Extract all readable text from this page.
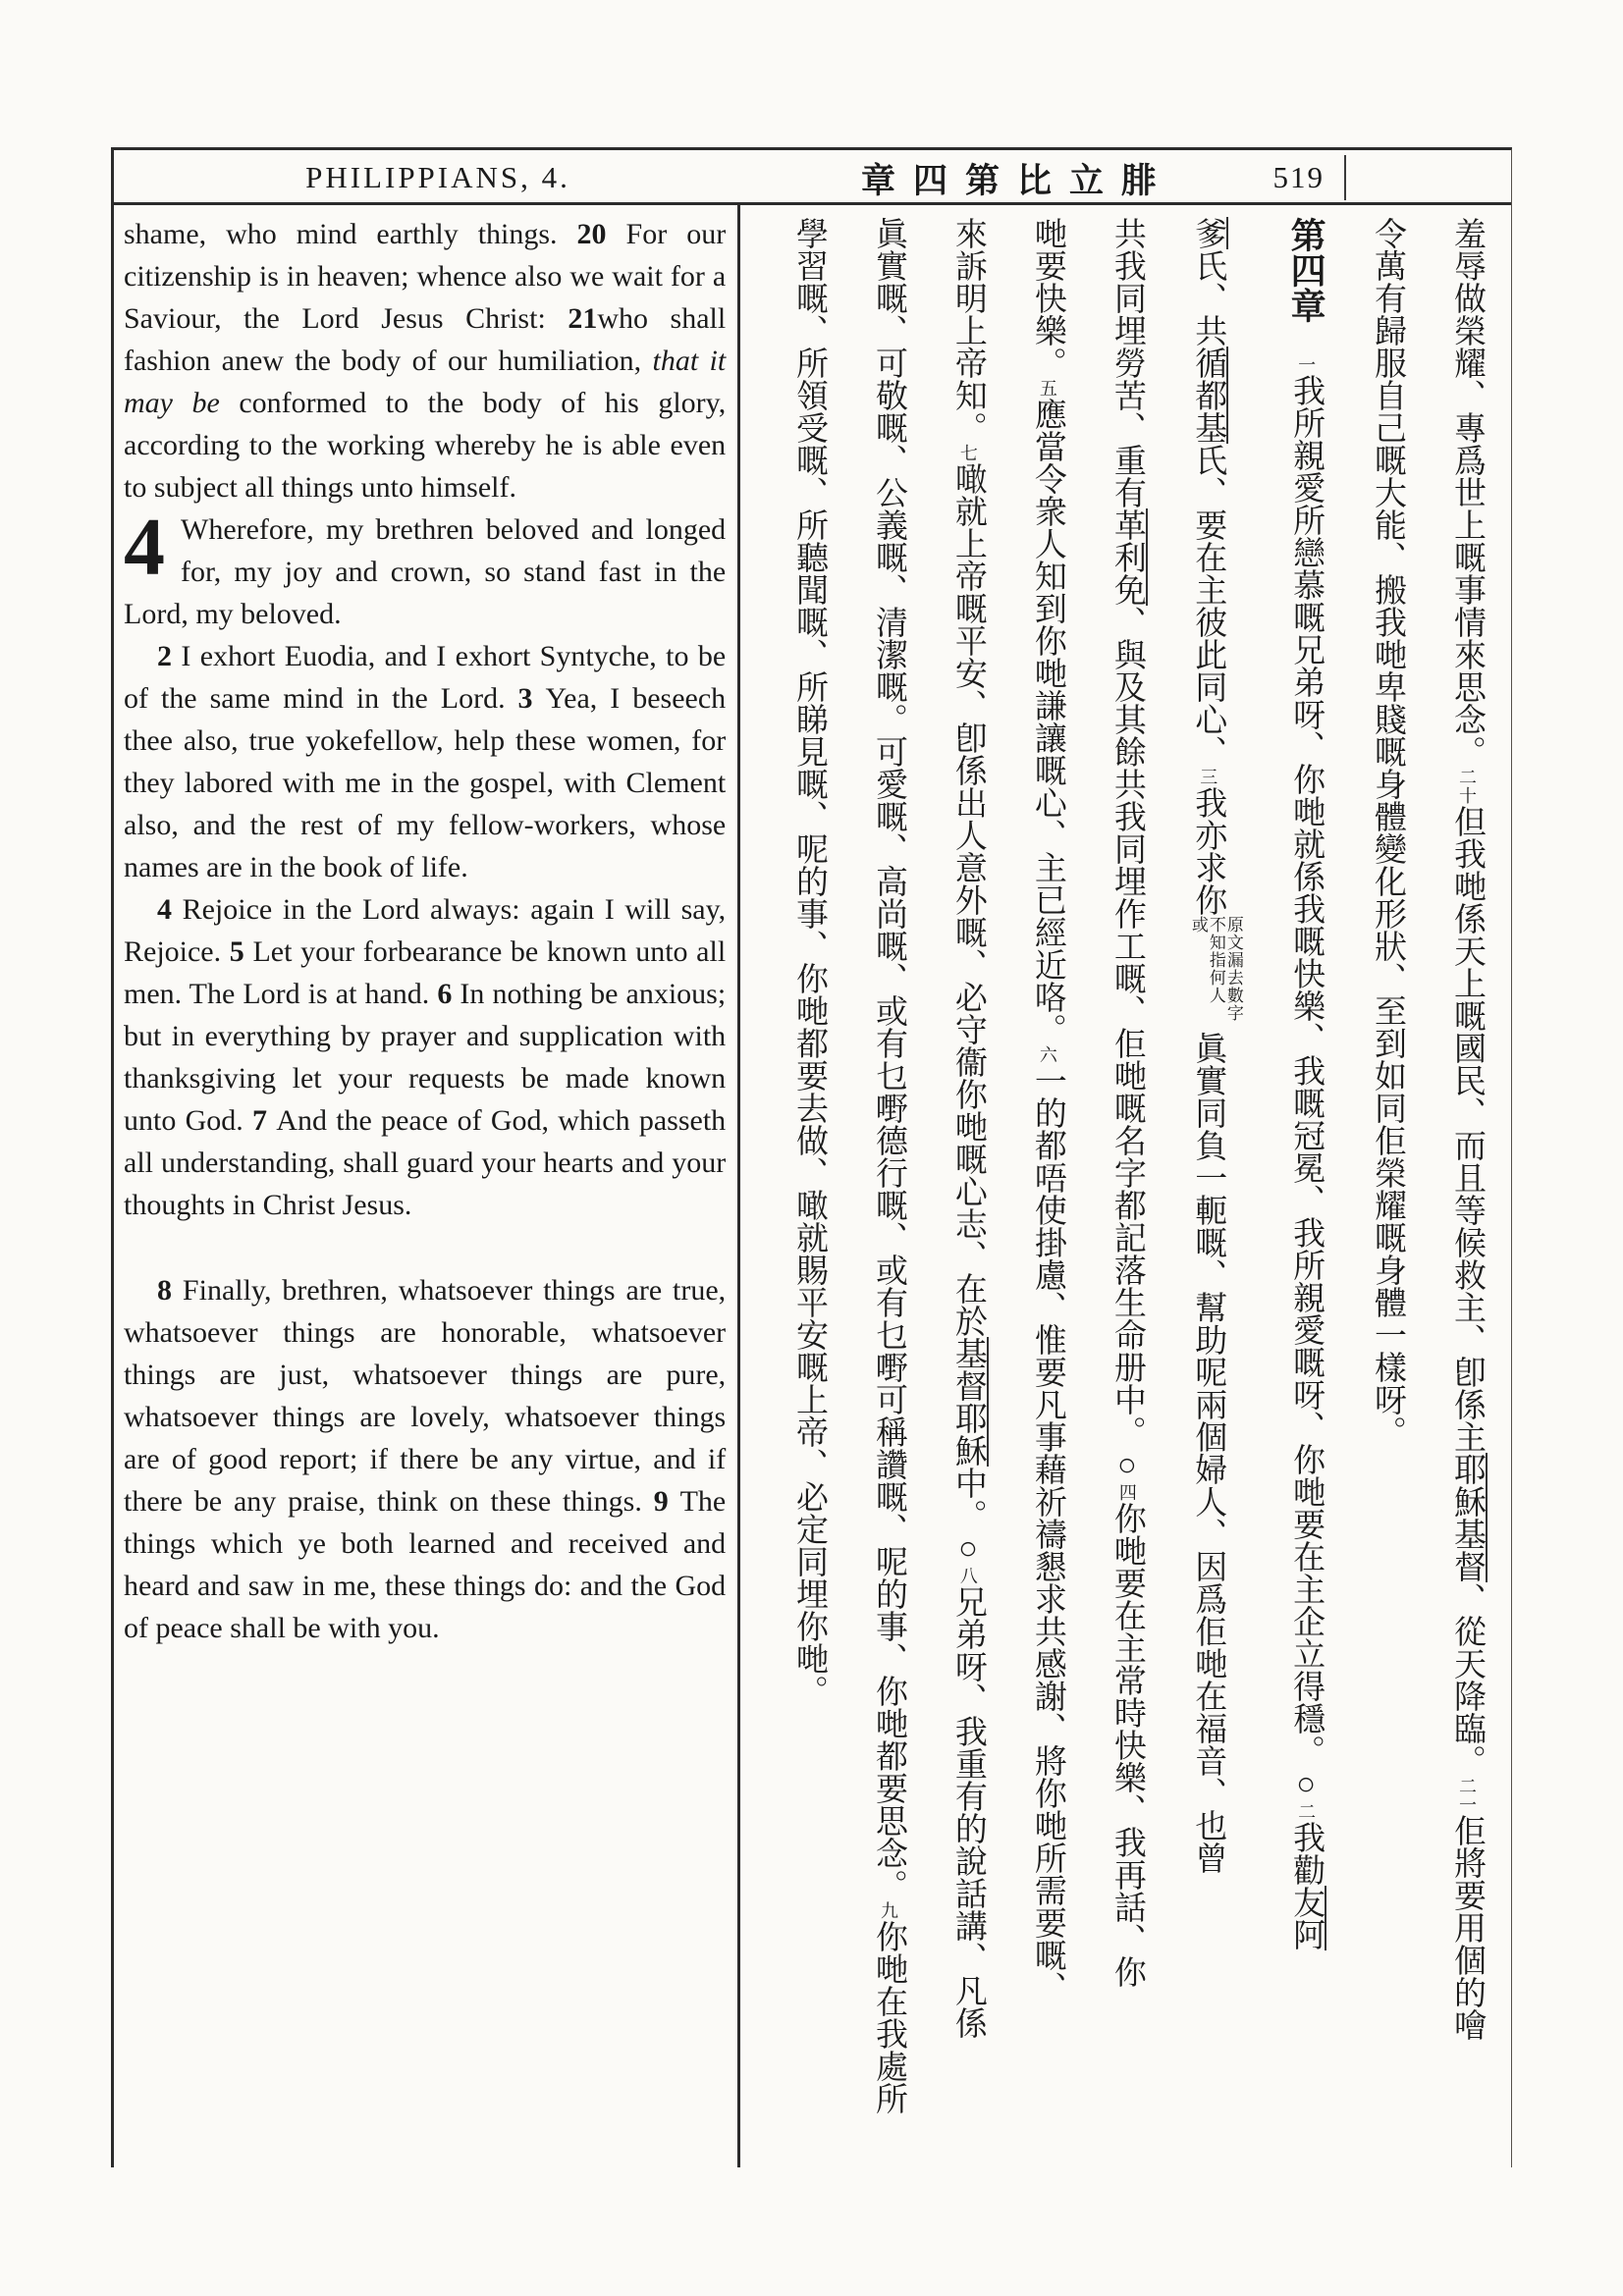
PHILIPPIANS, 4.	章四第比立腓	519

shame, who mind earthly things. 20 For our citizenship is in heaven; whence also we wait for a Saviour, the Lord Jesus Christ: 21who shall fashion anew the body of our humiliation, that it may be conformed to the body of his glory, according to the working whereby he is able even to subject all things unto himself.

4 Wherefore, my brethren beloved and longed for, my joy and crown, so stand fast in the Lord, my beloved.

2 I exhort Euodia, and I exhort Syntyche, to be of the same mind in the Lord. 3 Yea, I beseech thee also, true yokefellow, help these women, for they labored with me in the gospel, with Clement also, and the rest of my fellow-workers, whose names are in the book of life.

4 Rejoice in the Lord always: again I will say, Rejoice. 5 Let your forbearance be known unto all men. The Lord is at hand. 6 In nothing be anxious; but in everything by prayer and supplication with thanksgiving let your requests be made known unto God. 7 And the peace of God, which passeth all understanding, shall guard your hearts and your thoughts in Christ Jesus.

8 Finally, brethren, whatsoever things are true, whatsoever things are honorable, whatsoever things are just, whatsoever things are pure, whatsoever things are lovely, whatsoever things are of good report; if there be any virtue, and if there be any praise, think on these things. 9 The things which ye both learned and received and heard and saw in me, these things do: and the God of peace shall be with you.

羞辱做榮耀、專爲世上嘅事情來思念。二十但我哋係天上嘅國民、而且等候救主、卽係主耶穌基督、從天降臨。二一佢將要用個的噲
令萬有歸服自己嘅大能、搬我哋卑賤嘅身體變化形狀、至到如同佢榮耀嘅身體一樣呀。
第四章　一我所親愛所戀慕嘅兄弟呀、你哋就係我嘅快樂、我嘅冠冕、我所親愛嘅呀、你哋要在主企立得穩。○二我勸友阿
爹氏、共循都基氏、要在主彼此同心、三我亦求你原文漏去數字　不知指何人　或眞實同負一軛嘅、幫助呢兩個婦人、因爲佢哋在福音、也曾
共我同埋勞苦、重有革利免、與及其餘共我同埋作工嘅、佢哋嘅名字都記落生命册中。○四你哋要在主常時快樂、我再話、你
哋要快樂。五應當令衆人知到你哋謙讓嘅心、主已經近咯。六一的都唔使掛慮、惟要凡事藉祈禱懇求共感謝、將你哋所需要嘅、
來訴明上帝知。七噉就上帝嘅平安、卽係出人意外嘅、必守衞你哋嘅心志、在於基督耶穌中。○八兄弟呀、我重有的說話講、凡係
眞實嘅、可敬嘅、公義嘅、清潔嘅。可愛嘅、高尚嘅、或有乜嘢德行嘅、或有乜嘢可稱讚嘅、呢的事、你哋都要思念。九你哋在我處所
學習嘅、所領受嘅、所聽聞嘅、所睇見嘅、呢的事、你哋都要去做、噉就賜平安嘅上帝、必定同埋你哋。
